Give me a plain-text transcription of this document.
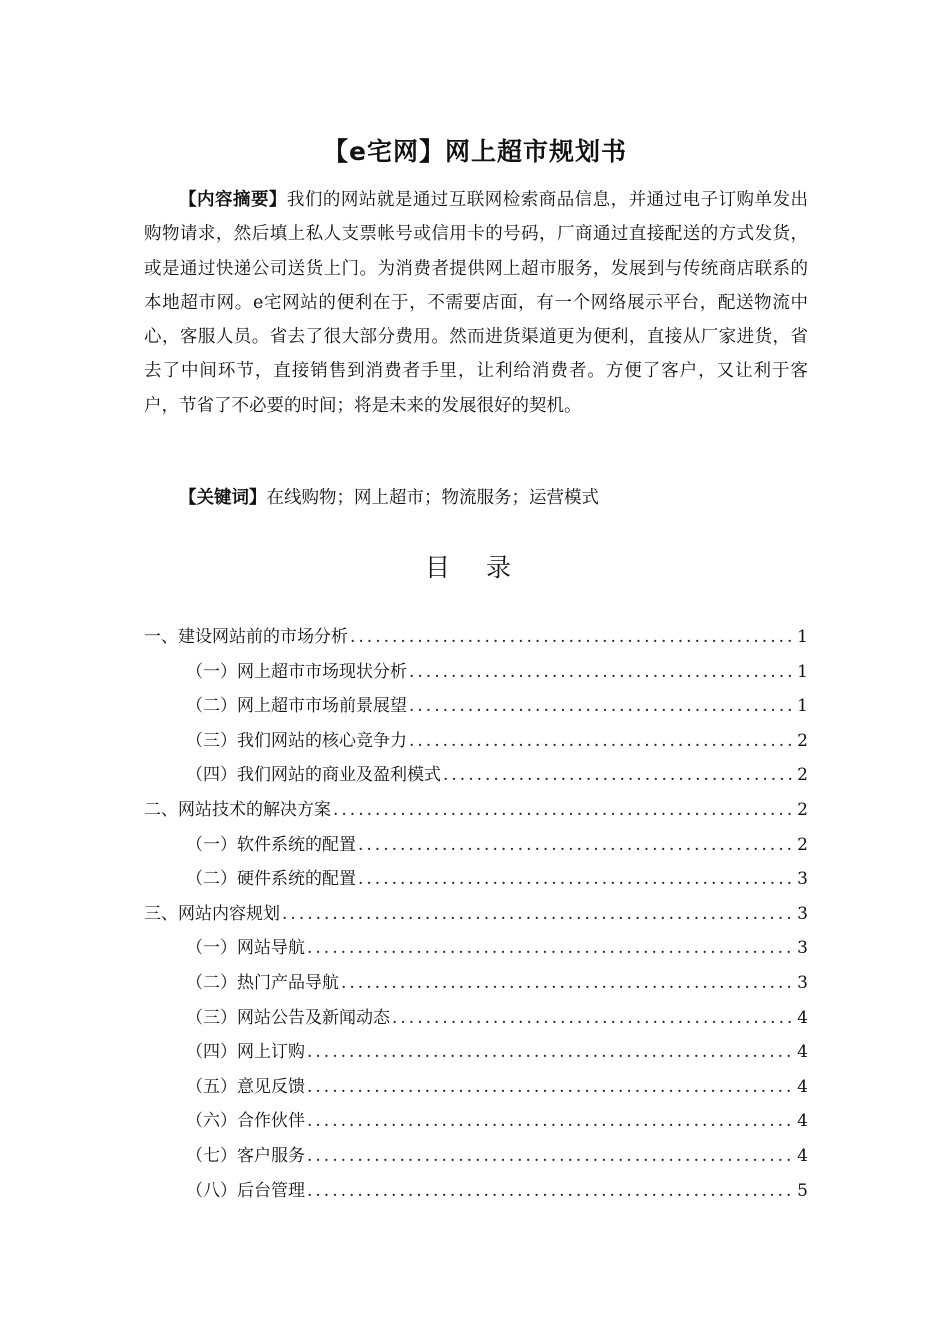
【e宅网】网上超市规划书

【内容摘要】我们的网站就是通过互联网检索商品信息，并通过电子订购单发出购物请求，然后填上私人支票帐号或信用卡的号码，厂商通过直接配送的方式发货，或是通过快递公司送货上门。为消费者提供网上超市服务，发展到与传统商店联系的本地超市网。e宅网站的便利在于，不需要店面，有一个网络展示平台，配送物流中心，客服人员。省去了很大部分费用。然而进货渠道更为便利，直接从厂家进货，省去了中间环节，直接销售到消费者手里，让利给消费者。方便了客户，又让利于客户，节省了不必要的时间；将是未来的发展很好的契机。

【关键词】在线购物；网上超市；物流服务；运营模式

目 录
一、建设网站前的市场分析 .....	1
（一）网上超市市场现状分析 .....	1
（二）网上超市市场前景展望 .....	1
（三）我们网站的核心竞争力 .....	2
（四）我们网站的商业及盈利模式 .....	2
二、网站技术的解决方案 .....	2
（一）软件系统的配置 .....	2
（二）硬件系统的配置 .....	3
三、网站内容规划 .....	3
（一）网站导航 .....	3
（二）热门产品导航 .....	3
（三）网站公告及新闻动态 .....	4
（四）网上订购 .....	4
（五）意见反馈 .....	4
（六）合作伙伴 .....	4
（七）客户服务 .....	4
（八）后台管理 .....	5
